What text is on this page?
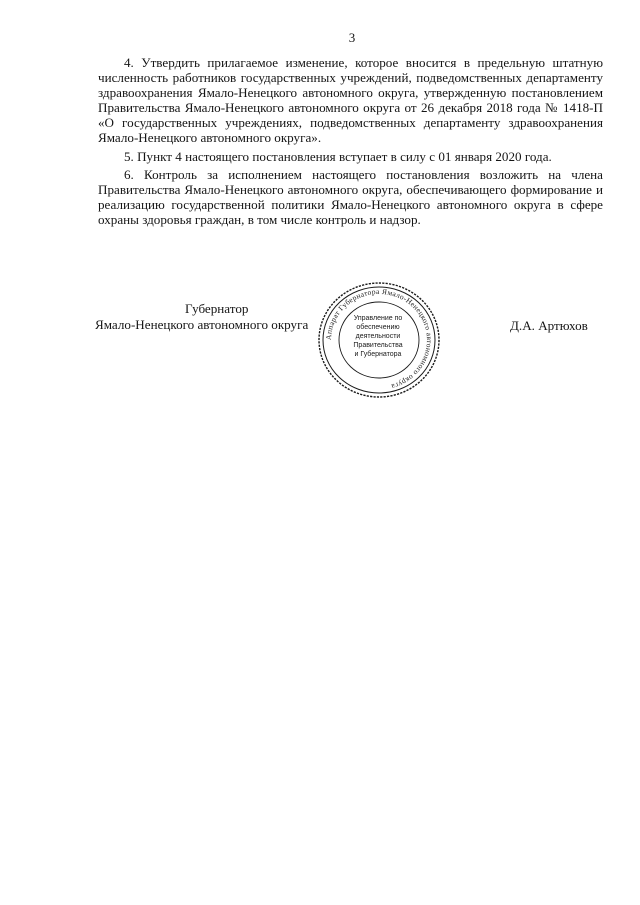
3

4. Утвердить прилагаемое изменение, которое вносится в предельную штатную численность работников государственных учреждений, подведомственных департаменту здравоохранения Ямало-Ненецкого автономного округа, утвержденную постановлением Правительства Ямало-Ненецкого автономного округа от 26 декабря 2018 года № 1418-П «О государственных учреждениях, подведомственных департаменту здравоохранения Ямало-Ненецкого автономного округа».

5. Пункт 4 настоящего постановления вступает в силу с 01 января 2020 года.

6. Контроль за исполнением настоящего постановления возложить на члена Правительства Ямало-Ненецкого автономного округа, обеспечивающего формирование и реализацию государственной политики Ямало-Ненецкого автономного округа в сфере охраны здоровья граждан, в том числе контроль и надзор.

Губернатор
Ямало-Ненецкого автономного округа	Д.А. Артюхов
Аппарат Губернатора Ямало-Ненецкого автономного округа
Управление по
обеспечению
деятельности
Правительства
и Губернатора
